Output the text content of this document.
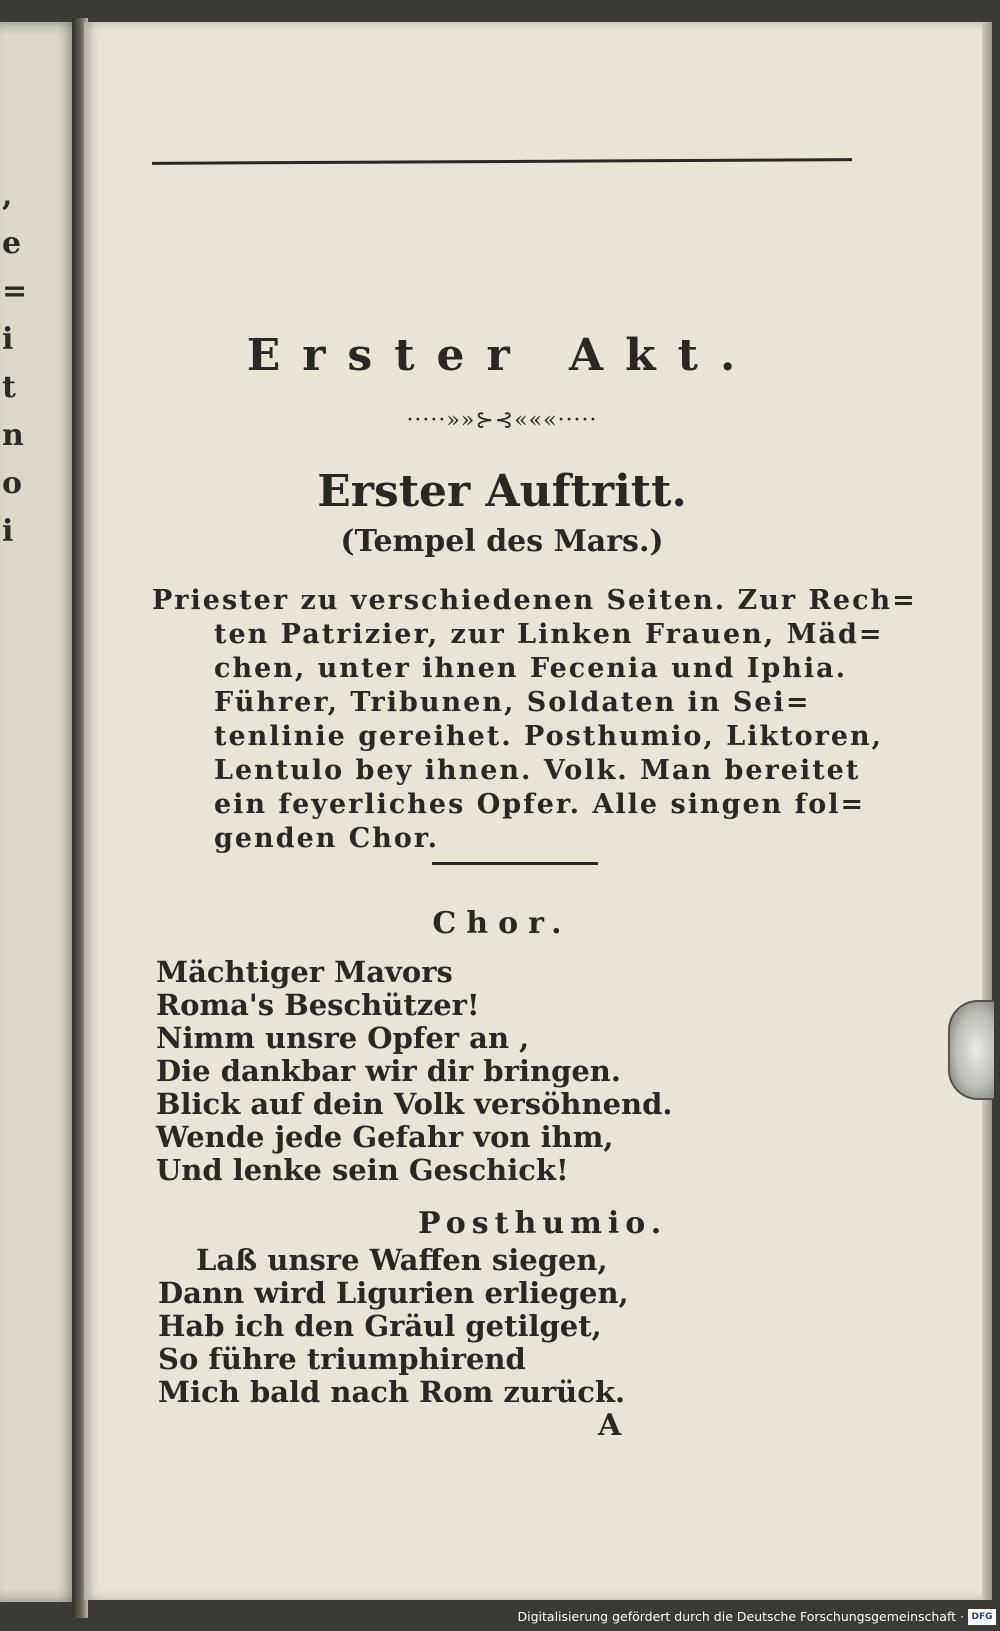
,
e
=
i
t
n
o
i
Erster Akt.
·····»»⊱⊰«««·····
Erster Auftritt.
(Tempel des Mars.)
Priester zu verschiedenen Seiten. Zur Rech=
ten Patrizier, zur Linken Frauen, Mäd=
chen, unter ihnen Fecenia und Iphia.
Führer, Tribunen, Soldaten in Sei=
tenlinie gereihet. Posthumio, Liktoren,
Lentulo bey ihnen. Volk. Man bereitet
ein feyerliches Opfer. Alle singen fol=
genden Chor.
Chor.
Mächtiger Mavors
Roma's Beschützer!
Nimm unsre Opfer an ,
Die dankbar wir dir bringen.
Blick auf dein Volk versöhnend.
Wende jede Gefahr von ihm,
Und lenke sein Geschick!
Posthumio.
Laß unsre Waffen siegen,
Dann wird Ligurien erliegen,
Hab ich den Gräul getilget,
So führe triumphirend
Mich bald nach Rom zurück.
A
Digitalisierung gefördert durch die Deutsche Forschungsgemeinschaft · DFG
